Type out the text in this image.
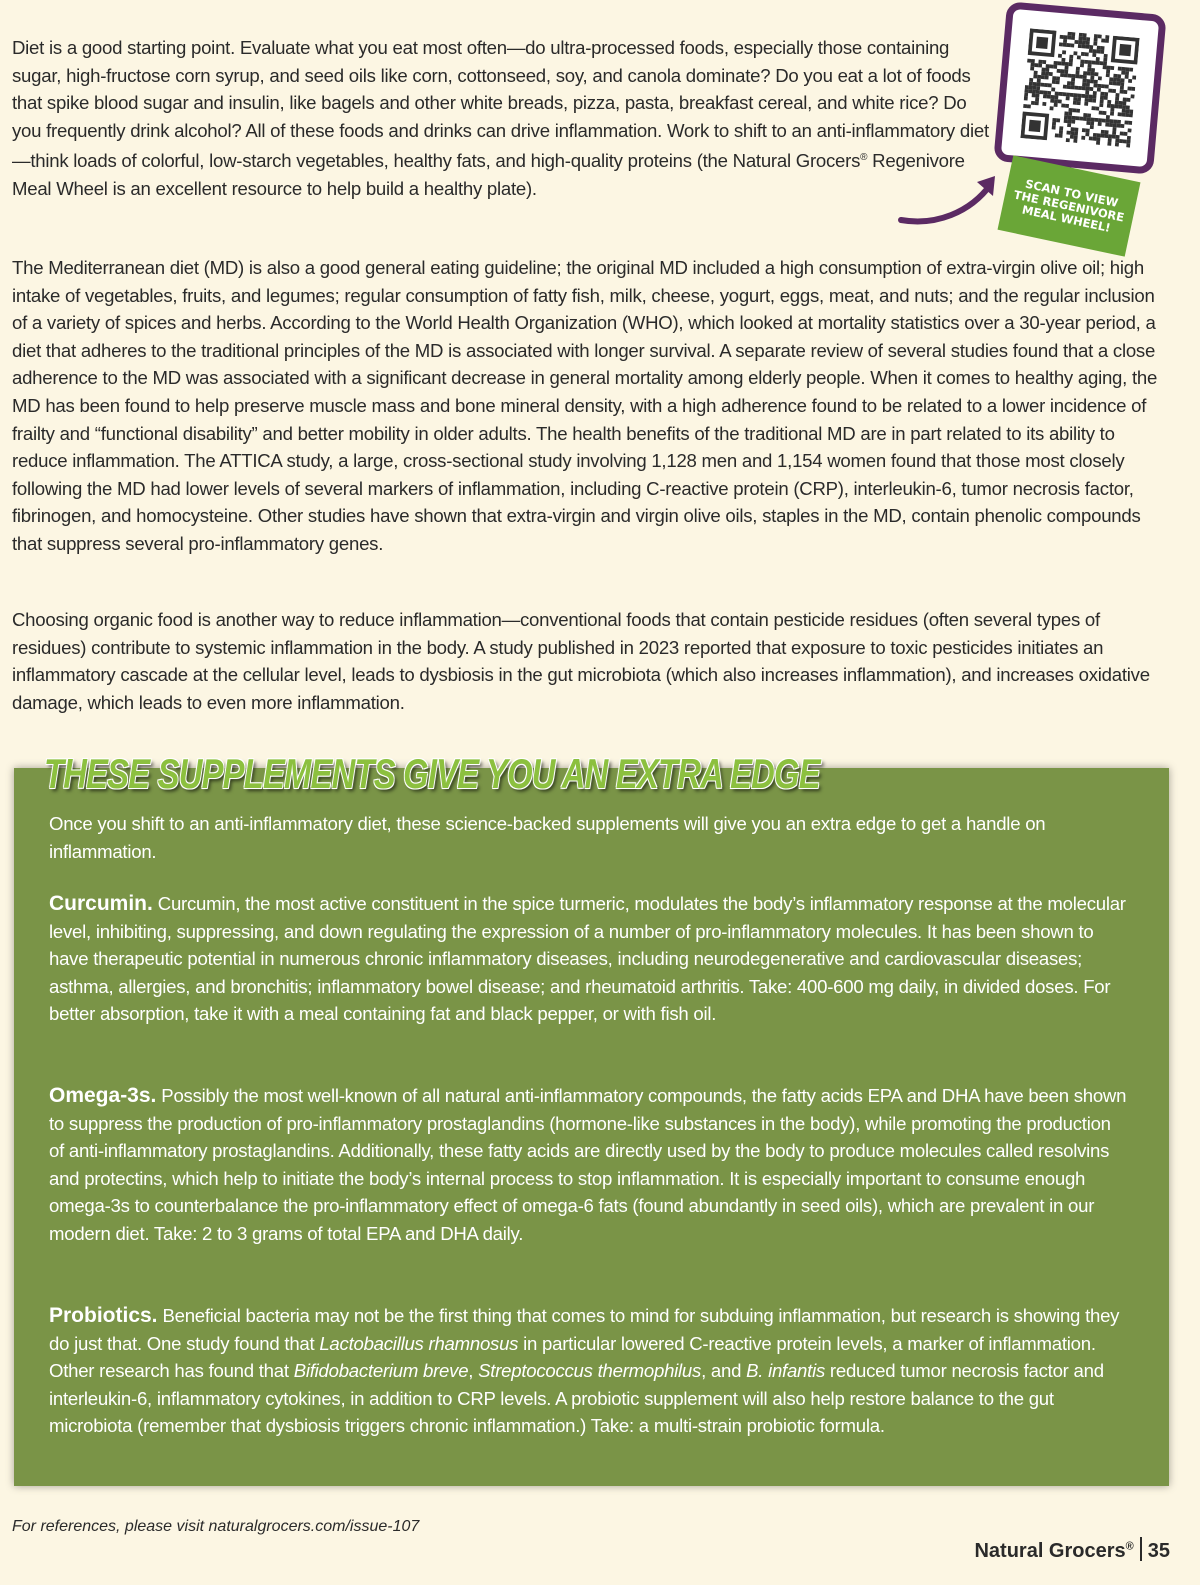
Diet is a good starting point. Evaluate what you eat most often—do ultra-processed foods, especially those containing sugar, high-fructose corn syrup, and seed oils like corn, cottonseed, soy, and canola dominate? Do you eat a lot of foods that spike blood sugar and insulin, like bagels and other white breads, pizza, pasta, breakfast cereal, and white rice? Do you frequently drink alcohol? All of these foods and drinks can drive inflammation. Work to shift to an anti-inflammatory diet—think loads of colorful, low-starch vegetables, healthy fats, and high-quality proteins (the Natural Grocers® Regenivore Meal Wheel is an excellent resource to help build a healthy plate).	SCAN TO VIEW THE REGENIVORE MEAL WHEEL!

The Mediterranean diet (MD) is also a good general eating guideline; the original MD included a high consumption of extra-virgin olive oil; high intake of vegetables, fruits, and legumes; regular consumption of fatty fish, milk, cheese, yogurt, eggs, meat, and nuts; and the regular inclusion of a variety of spices and herbs. According to the World Health Organization (WHO), which looked at mortality statistics over a 30-year period, a diet that adheres to the traditional principles of the MD is associated with longer survival. A separate review of several studies found that a close adherence to the MD was associated with a significant decrease in general mortality among elderly people. When it comes to healthy aging, the MD has been found to help preserve muscle mass and bone mineral density, with a high adherence found to be related to a lower incidence of frailty and “functional disability” and better mobility in older adults. The health benefits of the traditional MD are in part related to its ability to reduce inflammation. The ATTICA study, a large, cross-sectional study involving 1,128 men and 1,154 women found that those most closely following the MD had lower levels of several markers of inflammation, including C-reactive protein (CRP), interleukin-6, tumor necrosis factor, fibrinogen, and homocysteine. Other studies have shown that extra-virgin and virgin olive oils, staples in the MD, contain phenolic compounds that suppress several pro-inflammatory genes.

Choosing organic food is another way to reduce inflammation—conventional foods that contain pesticide residues (often several types of residues) contribute to systemic inflammation in the body. A study published in 2023 reported that exposure to toxic pesticides initiates an inflammatory cascade at the cellular level, leads to dysbiosis in the gut microbiota (which also increases inflammation), and increases oxidative damage, which leads to even more inflammation.

THESE SUPPLEMENTS GIVE YOU AN EXTRA EDGE

Once you shift to an anti-inflammatory diet, these science-backed supplements will give you an extra edge to get a handle on inflammation.

Curcumin. Curcumin, the most active constituent in the spice turmeric, modulates the body’s inflammatory response at the molecular level, inhibiting, suppressing, and down regulating the expression of a number of pro-inflammatory molecules. It has been shown to have therapeutic potential in numerous chronic inflammatory diseases, including neurodegenerative and cardiovascular diseases; asthma, allergies, and bronchitis; inflammatory bowel disease; and rheumatoid arthritis. Take: 400-600 mg daily, in divided doses. For better absorption, take it with a meal containing fat and black pepper, or with fish oil.

Omega-3s. Possibly the most well-known of all natural anti-inflammatory compounds, the fatty acids EPA and DHA have been shown to suppress the production of pro-inflammatory prostaglandins (hormone-like substances in the body), while promoting the production of anti-inflammatory prostaglandins. Additionally, these fatty acids are directly used by the body to produce molecules called resolvins and protectins, which help to initiate the body’s internal process to stop inflammation. It is especially important to consume enough omega-3s to counterbalance the pro-inflammatory effect of omega-6 fats (found abundantly in seed oils), which are prevalent in our modern diet. Take: 2 to 3 grams of total EPA and DHA daily.

Probiotics. Beneficial bacteria may not be the first thing that comes to mind for subduing inflammation, but research is showing they do just that. One study found that Lactobacillus rhamnosus in particular lowered C-reactive protein levels, a marker of inflammation. Other research has found that Bifidobacterium breve, Streptococcus thermophilus, and B. infantis reduced tumor necrosis factor and interleukin-6, inflammatory cytokines, in addition to CRP levels. A probiotic supplement will also help restore balance to the gut microbiota (remember that dysbiosis triggers chronic inflammation.) Take: a multi-strain probiotic formula.

For references, please visit naturalgrocers.com/issue-107

Natural Grocers® 35
